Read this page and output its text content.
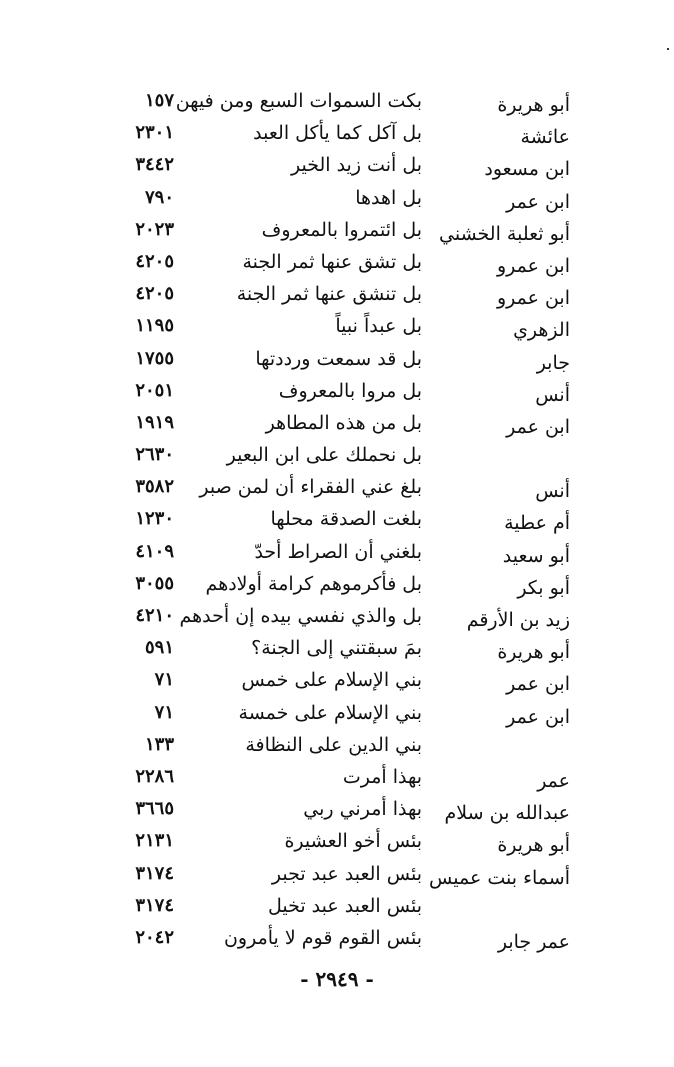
أبو هريرة
بكت السموات السبع ومن فيهن
١٥٧
عائشة
بل آكل كما يأكل العبد
٢٣٠١
ابن مسعود
بل أنت زيد الخير
٣٤٤٢
ابن عمر
بل اهدها
٧٩٠
أبو ثعلبة الخشني
بل ائتمروا بالمعروف
٢٠٢٣
ابن عمرو
بل تشق عنها ثمر الجنة
٤٢٠٥
ابن عمرو
بل تنشق عنها ثمر الجنة
٤٢٠٥
الزهري
بل عبداً نبياً
١١٩٥
جابر
بل قد سمعت ورددتها
١٧٥٥
أنس
بل مروا بالمعروف
٢٠٥١
ابن عمر
بل من هذه المطاهر
١٩١٩
بل نحملك على ابن البعير
٢٦٣٠
أنس
بلغ عني الفقراء أن لمن صبر
٣٥٨٢
أم عطية
بلغت الصدقة محلها
١٢٣٠
أبو سعيد
بلغني أن الصراط أحدّ
٤١٠٩
أبو بكر
بل فأكرموهم كرامة أولادهم
٣٠٥٥
زيد بن الأرقم
بل والذي نفسي بيده إن أحدهم
٤٢١٠
أبو هريرة
بمَ سبقتني إلى الجنة؟
٥٩١
ابن عمر
بني الإسلام على خمس
٧١
ابن عمر
بني الإسلام على خمسة
٧١
بني الدين على النظافة
١٣٣
عمر
بهذا أمرت
٢٢٨٦
عبدالله بن سلام
بهذا أمرني ربي
٣٦٦٥
أبو هريرة
بئس أخو العشيرة
٢١٣١
أسماء بنت عميس
بئس العبد عبد تجبر
٣١٧٤
بئس العبد عبد تخيل
٣١٧٤
عمر جابر
بئس القوم قوم لا يأمرون
٢٠٤٢
- ٢٩٤٩ -
